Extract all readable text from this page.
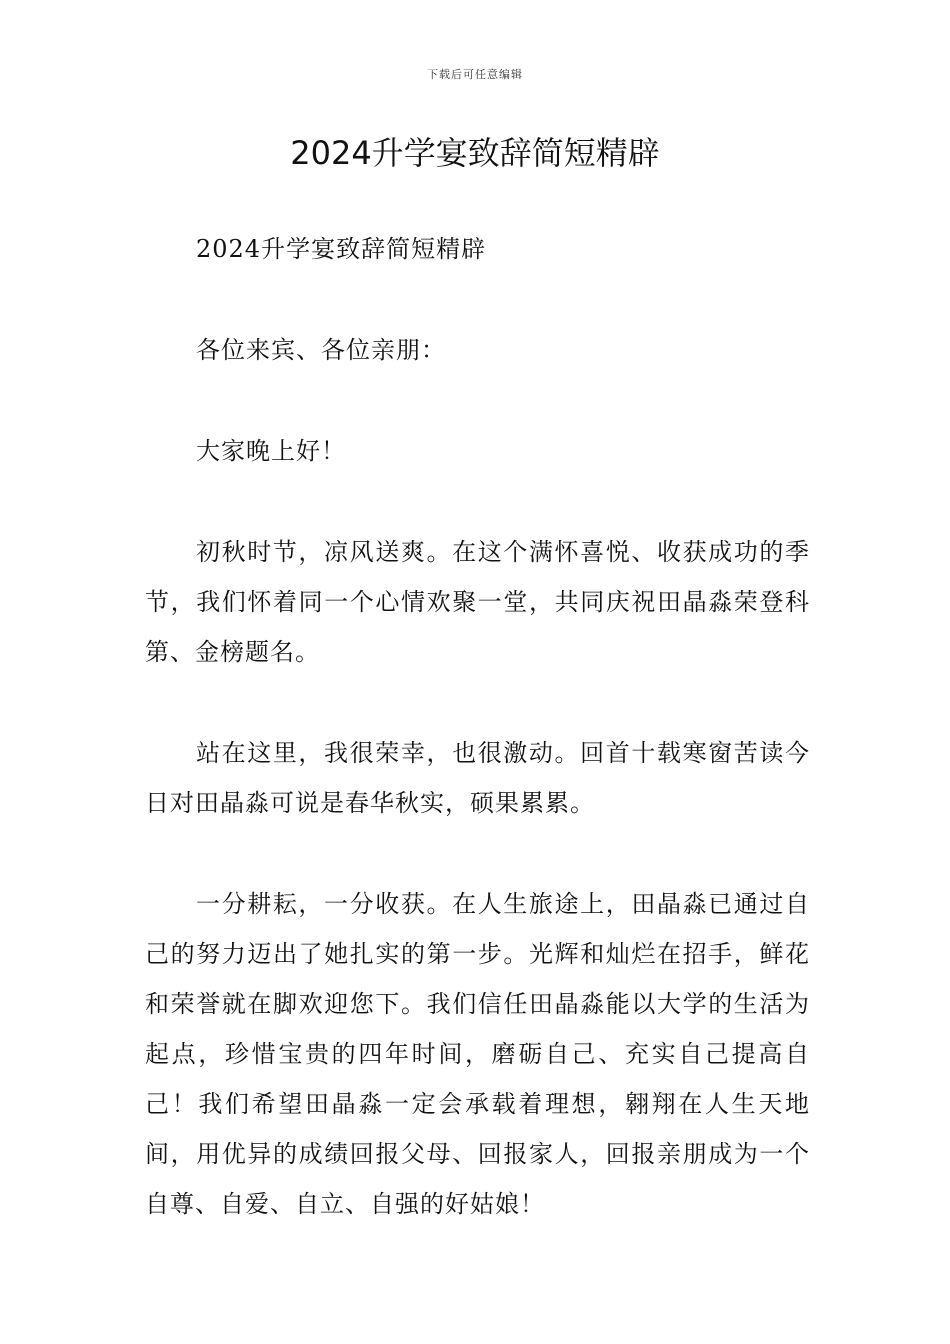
下载后可任意编辑
2024升学宴致辞简短精辟

2024升学宴致辞简短精辟

各位来宾、各位亲朋：

大家晚上好！

初秋时节，凉风送爽。在这个满怀喜悦、收获成功的季节，我们怀着同一个心情欢聚一堂，共同庆祝田晶淼荣登科第、金榜题名。

站在这里，我很荣幸，也很激动。回首十载寒窗苦读今日对田晶淼可说是春华秋实，硕果累累。

一分耕耘，一分收获。在人生旅途上，田晶淼已通过自己的努力迈出了她扎实的第一步。光辉和灿烂在招手，鲜花和荣誉就在脚欢迎您下。我们信任田晶淼能以大学的生活为起点，珍惜宝贵的四年时间，磨砺自己、充实自己提高自己！我们希望田晶淼一定会承载着理想，翱翔在人生天地间，用优异的成绩回报父母、回报家人，回报亲朋成为一个自尊、自爱、自立、自强的好姑娘！
